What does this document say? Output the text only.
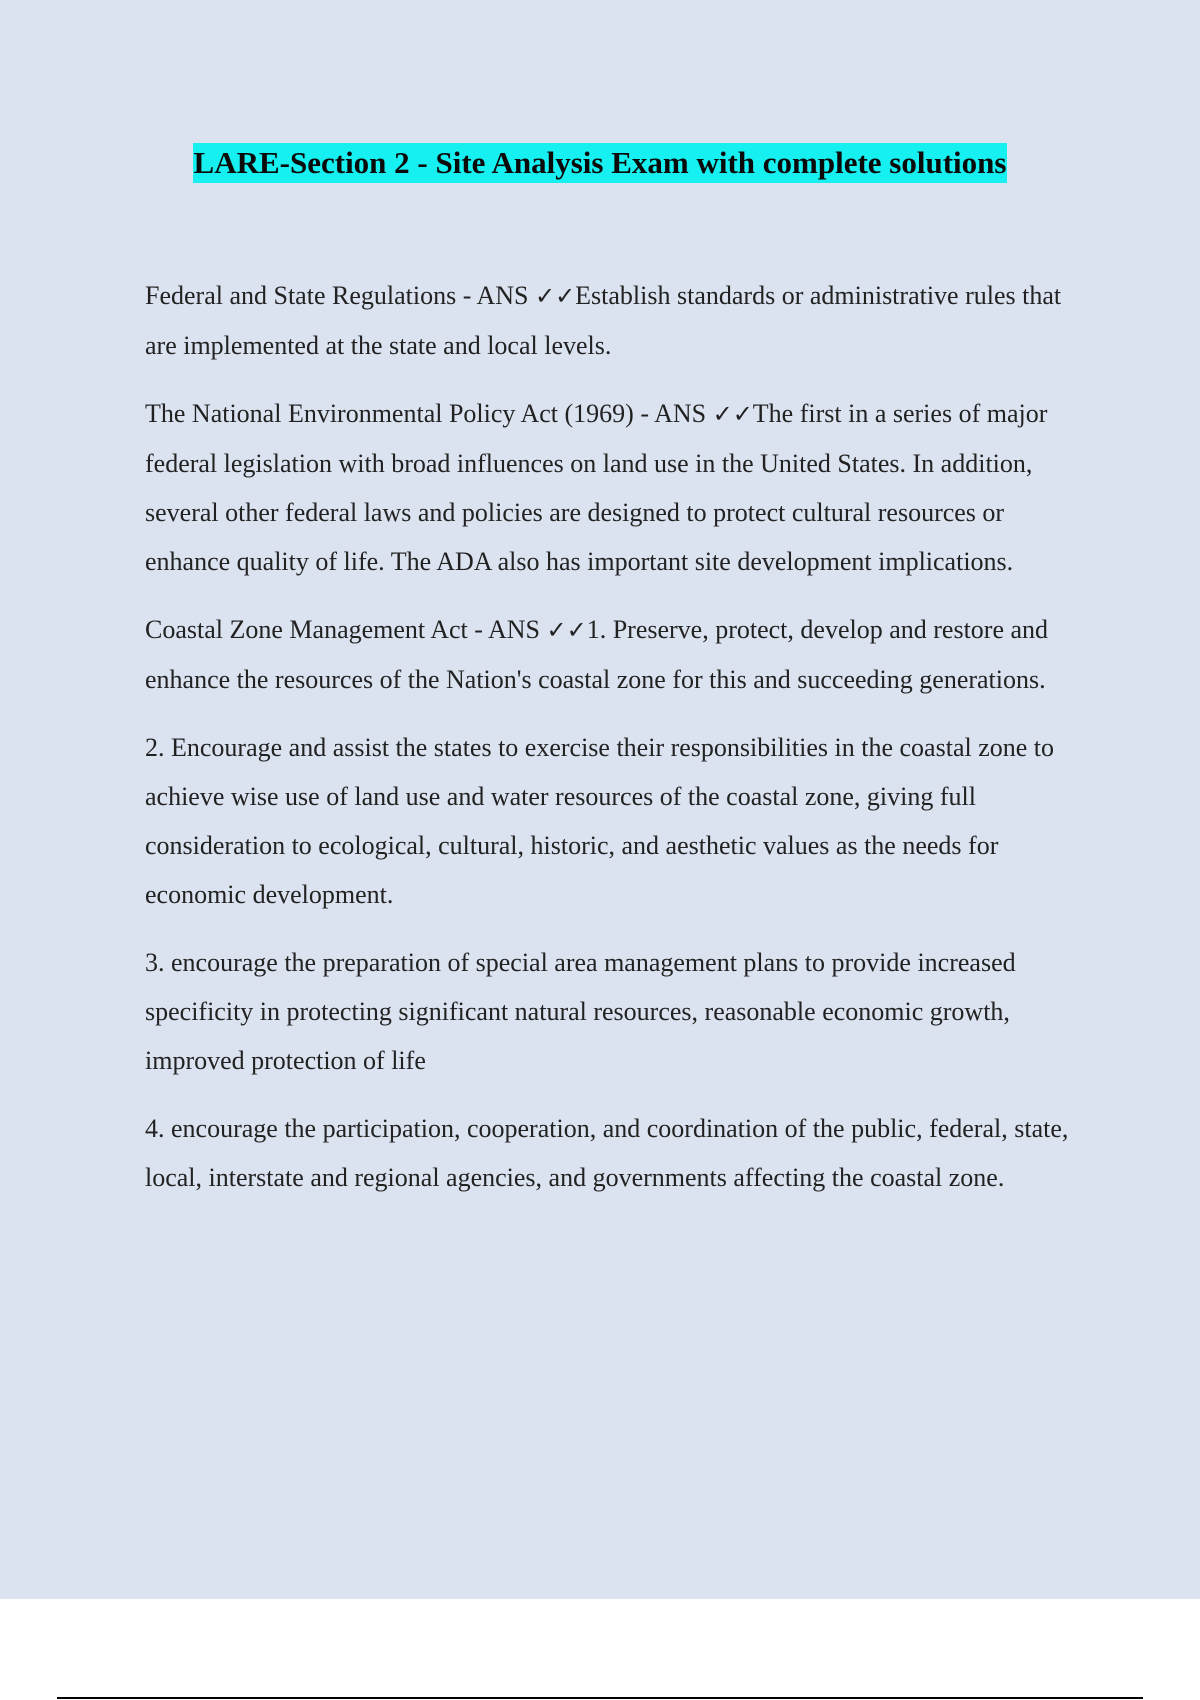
LARE-Section 2 - Site Analysis Exam with complete solutions

Federal and State Regulations - ANS ✓✓Establish standards or administrative rules that are implemented at the state and local levels.

The National Environmental Policy Act (1969) - ANS ✓✓The first in a series of major federal legislation with broad influences on land use in the United States. In addition, several other federal laws and policies are designed to protect cultural resources or enhance quality of life. The ADA also has important site development implications.

Coastal Zone Management Act - ANS ✓✓1. Preserve, protect, develop and restore and enhance the resources of the Nation's coastal zone for this and succeeding generations.

2. Encourage and assist the states to exercise their responsibilities in the coastal zone to achieve wise use of land use and water resources of the coastal zone, giving full consideration to ecological, cultural, historic, and aesthetic values as the needs for economic development.

3. encourage the preparation of special area management plans to provide increased specificity in protecting significant natural resources, reasonable economic growth, improved protection of life

4. encourage the participation, cooperation, and coordination of the public, federal, state, local, interstate and regional agencies, and governments affecting the coastal zone.
